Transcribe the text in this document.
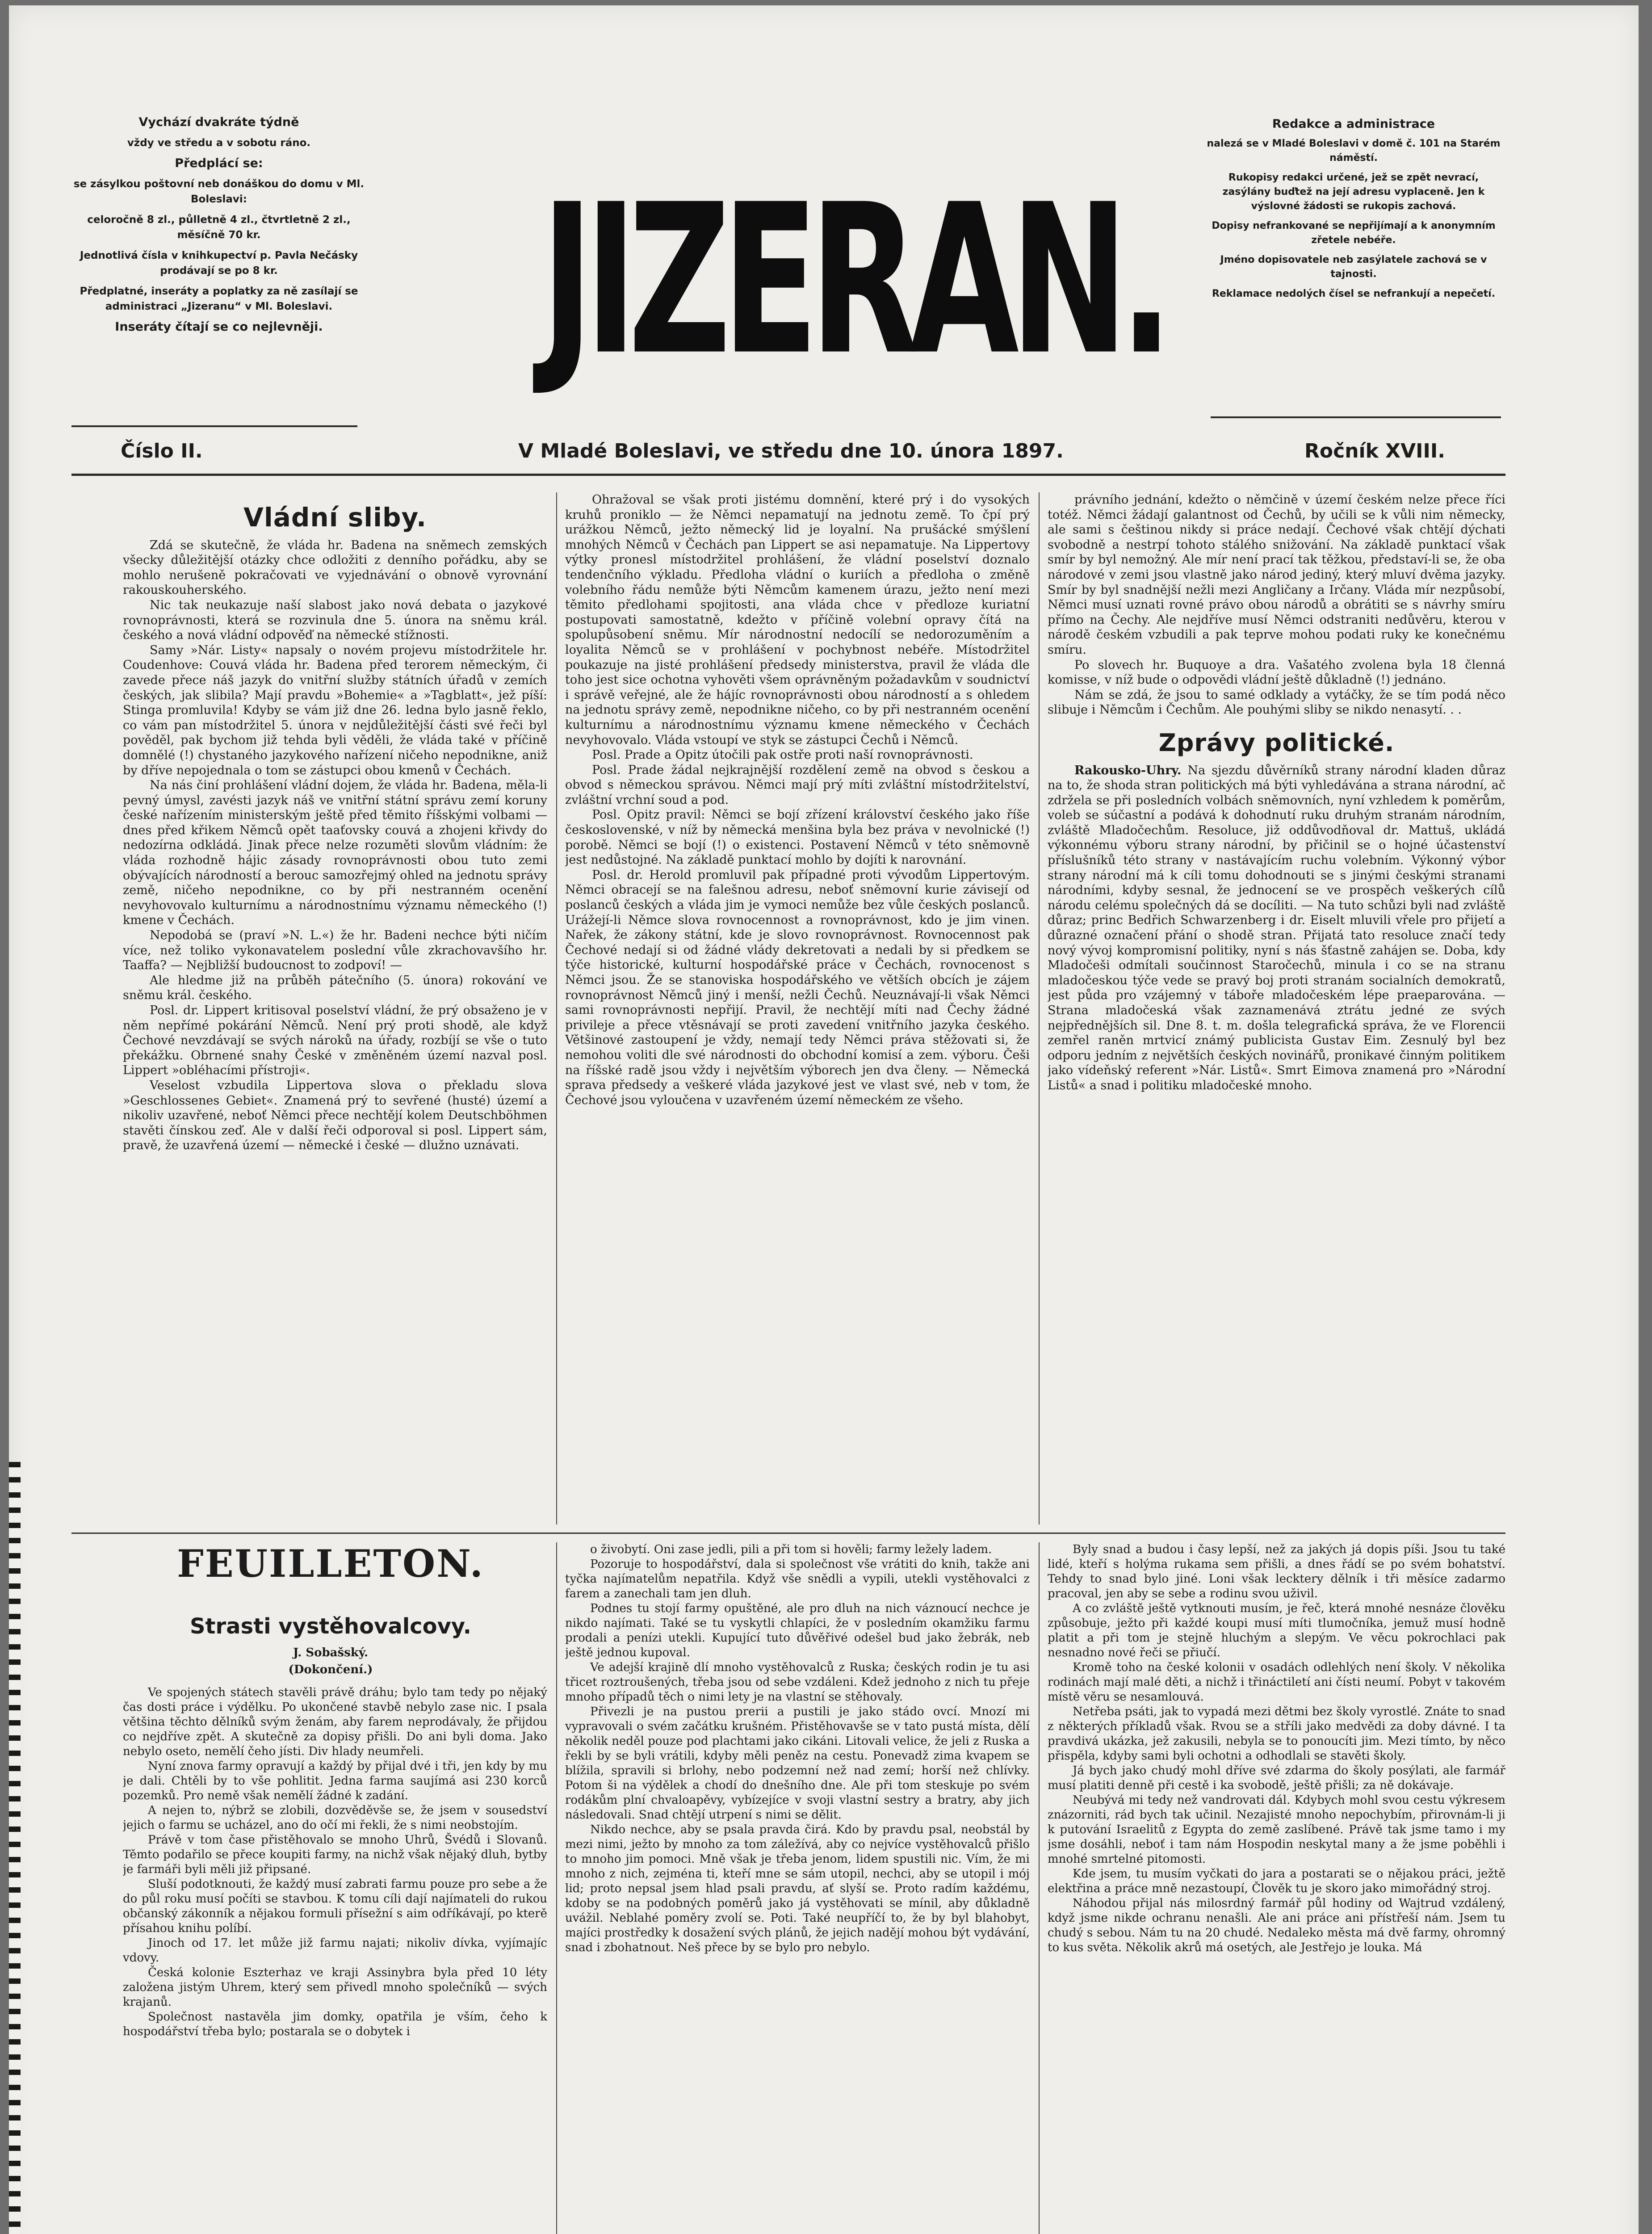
Vychází dvakráte týdně

vždy ve středu a v sobotu ráno.

Předplácí se:

se zásylkou poštovní neb donáškou do domu v Ml. Boleslavi:

celoročně 8 zl., půlletně 4 zl., čtvrtletně 2 zl., měsíčně 70 kr.

Jednotlivá čísla v knihkupectví p. Pavla Nečásky prodávají se po 8 kr.

Předplatné, inseráty a poplatky za ně zasílají se administraci „Jizeranu“ v Ml. Boleslavi.

Inseráty čítají se co nejlevněji. JIZERAN.

Redakce a administrace

nalezá se v Mladé Boleslavi v domě č. 101 na Starém náměstí.

Rukopisy redakci určené, jež se zpět nevrací, zasýlány buďtež na její adresu vyplaceně. Jen k výslovné žádosti se rukopis zachová.

Dopisy nefrankované se nepřijímají a k anonymním zřetele nebéře.

Jméno dopisovatele neb zasýlatele zachová se v tajnosti.

Reklamace nedolých čísel se nefrankují a nepečetí.

Číslo II.	V Mladé Boleslavi, ve středu dne 10. února 1897.	Ročník XVIII.
Vládní sliby.

Zdá se skutečně, že vláda hr. Badena na sněmech zemských všecky důležitější otázky chce odložiti z denního pořádku, aby se mohlo nerušeně pokračovati ve vyjednávání o obnově vyrovnání rakouskouherského.

Nic tak neukazuje naší slabost jako nová debata o jazykové rovnoprávnosti, která se rozvinula dne 5. února na sněmu král. českého a nová vládní odpověď na německé stížnosti.

Samy »Nár. Listy« napsaly o novém projevu místodržitele hr. Coudenhove: Couvá vláda hr. Badena před terorem německým, či zavede přece náš jazyk do vnitřní služby státních úřadů v zemích českých, jak slibila? Mají pravdu »Bohemie« a »Tagblatt«, jež píší: Stinga promluvila! Kdyby se vám již dne 26. ledna bylo jasně řeklo, co vám pan místodržitel 5. února v nejdůležitější části své řeči byl pověděl, pak bychom již tehda byli věděli, že vláda také v příčině domnělé (!) chystaného jazykového nařízení ničeho nepodnikne, aniž by dříve nepojednala o tom se zástupci obou kmenů v Čechách.

Na nás činí prohlášení vládní dojem, že vláda hr. Badena, měla-li pevný úmysl, zavésti jazyk náš ve vnitřní státní správu zemí koruny české nařízením ministerským ještě před těmito říšskými volbami — dnes před křikem Němců opět taaťovsky couvá a zhojeni křivdy do nedozírna odkládá. Jinak přece nelze rozuměti slovům vládním: že vláda rozhodně hájic zásady rovnoprávnosti obou tuto zemi obývajících národností a berouc samozřejmý ohled na jednotu správy země, ničeho nepodnikne, co by při nestranném ocenění nevyhovovalo kulturnímu a národnostnímu významu německého (!) kmene v Čechách.

Nepodobá se (praví »N. L.«) že hr. Badeni nechce býti ničím více, než toliko vykonavatelem poslední vůle zkrachovavšího hr. Taaffa? — Nejbližší budoucnost to zodpoví! —

Ale hledme již na průběh pátečního (5. února) rokování ve sněmu král. českého.

Posl. dr. Lippert kritisoval poselství vládní, že prý obsaženo je v něm nepřímé pokárání Němců. Není prý proti shodě, ale když Čechové nevzdávají se svých nároků na úřady, rozbíjí se vše o tuto překážku. Obrnené snahy České v změněném území nazval posl. Lippert »obléhacími přístroji«.

Veselost vzbudila Lippertova slova o překladu slova »Geschlossenes Gebiet«. Znamená prý to sevřené (husté) území a nikoliv uzavřené, neboť Němci přece nechtějí kolem Deutschböhmen stavěti čínskou zeď. Ale v další řeči odporoval si posl. Lippert sám, pravě, že uzavřená území — německé i české — dlužno uznávati.

Ohražoval se však proti jistému domnění, které prý i do vysokých kruhů proniklo — že Němci nepamatují na jednotu země. To čpí prý urážkou Němců, ježto německý lid je loyalní. Na prušácké smýšlení mnohých Němců v Čechách pan Lippert se asi nepamatuje. Na Lippertovy výtky pronesl místodržitel prohlášení, že vládní poselství doznalo tendenčního výkladu. Předloha vládní o kuriích a předloha o změně volebního řádu nemůže býti Němcům kamenem úrazu, ježto není mezi těmito předlohami spojitosti, ana vláda chce v předloze kuriatní postupovati samostatně, kdežto v příčině volební opravy čítá na spolupůsobení sněmu. Mír národnostní nedocílí se nedorozuměním a loyalita Němců se v prohlášení v pochybnost nebéře. Místodržitel poukazuje na jisté prohlášení předsedy ministerstva, pravil že vláda dle toho jest sice ochotna vyhověti všem oprávněným požadavkům v soudnictví i správě veřejné, ale že hájíc rovnoprávnosti obou národností a s ohledem na jednotu správy země, nepodnikne ničeho, co by při nestranném ocenění kulturnímu a národnostnímu významu kmene německého v Čechách nevyhovovalo. Vláda vstoupí ve styk se zástupci Čechů i Němců.

Posl. Prade a Opitz útočili pak ostře proti naší rovnoprávnosti.

Posl. Prade žádal nejkrajnější rozdělení země na obvod s českou a obvod s německou správou. Němci mají prý míti zvláštní místodržitelství, zvláštní vrchní soud a pod.

Posl. Opitz pravil: Němci se bojí zřízení království českého jako říše československé, v níž by německá menšina byla bez práva v nevolnické (!) porobě. Němci se bojí (!) o existenci. Postavení Němců v této sněmovně jest nedůstojné. Na základě punktací mohlo by dojíti k narovnání.

Posl. dr. Herold promluvil pak případné proti vývodům Lippertovým. Němci obracejí se na falešnou adresu, neboť sněmovní kurie závisejí od poslanců českých a vláda jim je vymoci nemůže bez vůle českých poslanců. Urážejí-li Němce slova rovnocennost a rovnoprávnost, kdo je jim vinen. Nařek, že zákony státní, kde je slovo rovnoprávnost. Rovnocennost pak Čechové nedají si od žádné vlády dekretovati a nedali by si předkem se týče historické, kulturní hospodářské práce v Čechách, rovnocenost s Němci jsou. Že se stanoviska hospodářského ve větších obcích je zájem rovnoprávnost Němců jiný i menší, nežli Čechů. Neuznávají-li však Němci sami rovnoprávnosti nepřijí. Pravil, že nechtějí míti nad Čechy žádné privileje a přece vtěsnávají se proti zavedení vnitřního jazyka českého. Většinové zastoupení je vždy, nemají tedy Němci práva stěžovati si, že nemohou voliti dle své národnosti do obchodní komisí a zem. výboru. Češi na říšské radě jsou vždy i největším výborech jen dva členy. — Německá sprava předsedy a veškeré vláda jazykové jest ve vlast své, neb v tom, že Čechové jsou vyloučena v uzavřeném území německém ze všeho.

právního jednání, kdežto o němčině v území českém nelze přece říci totéž. Němci žádají galantnost od Čechů, by učili se k vůli nim německy, ale sami s češtinou nikdy si práce nedají. Čechové však chtějí dýchati svobodně a nestrpí tohoto stálého snižování. Na základě punktací však smír by byl nemožný. Ale mír není prací tak těžkou, představí-li se, že oba národové v zemi jsou vlastně jako národ jediný, který mluví dvěma jazyky. Smír by byl snadnější nežli mezi Angličany a Irčany. Vláda mír nezpůsobí, Němci musí uznati rovné právo obou národů a obrátiti se s návrhy smíru přímo na Čechy. Ale nejdříve musí Němci odstraniti nedůvěru, kterou v národě českém vzbudili a pak teprve mohou podati ruky ke konečnému smíru.

Po slovech hr. Buquoye a dra. Vašatého zvolena byla 18 členná komisse, v níž bude o odpovědi vládní ještě důkladně (!) jednáno.

Nám se zdá, že jsou to samé odklady a vytáčky, že se tím podá něco slibuje i Němcům i Čechům. Ale pouhými sliby se nikdo nenasytí. . .

Zprávy politické.

Rakousko-Uhry. Na sjezdu důvěrníků strany národní kladen důraz na to, že shoda stran politických má býti vyhledávána a strana národní, ač zdržela se při posledních volbách sněmovních, nyní vzhledem k poměrům, voleb se súčastní a podává k dohodnutí ruku druhým stranám národním, zvláště Mladočechům. Resoluce, již oddůvodňoval dr. Mattuš, ukládá výkonnému výboru strany národní, by přičinil se o hojné účastenství příslušníků této strany v nastávajícím ruchu volebním. Výkonný výbor strany národní má k cíli tomu dohodnouti se s jinými českými stranami národními, kdyby sesnal, že jednocení se ve prospěch veškerých cílů národu celému společných dá se docíliti. — Na tuto schůzi byli nad zvláště důraz; princ Bedřich Schwarzenberg i dr. Eiselt mluvili vřele pro přijetí a důrazné označení přání o shodě stran. Přijatá tato resoluce značí tedy nový vývoj kompromisní politiky, nyní s nás šťastně zahájen se. Doba, kdy Mladočeši odmítali součinnost Staročechů, minula i co se na stranu mladočeskou týče vede se pravý boj proti stranám socialních demokratů, jest půda pro vzájemný v táboře mladočeském lépe praeparována. — Strana mladočeská však zaznamenává ztrátu jedné ze svých nejpřednějších sil. Dne 8. t. m. došla telegrafická správa, že ve Florencii zemřel raněn mrtvicí známý publicista Gustav Eim. Zesnulý byl bez odporu jedním z největších českých novinářů, pronikavé činným politikem jako vídeňský referent »Nár. Listů«. Smrt Eimova znamená pro »Národní Listů« a snad i politiku mladočeské mnoho.

FEUILLETON.
Strasti vystěhovalcovy.
J. Sobašský.
(Dokončení.)

Ve spojených státech stavěli právě dráhu; bylo tam tedy po nějaký čas dosti práce i výdělku. Po ukončené stavbě nebylo zase nic. I psala většina těchto dělníků svým ženám, aby farem neprodávaly, že přijdou co nejdříve zpět. A skutečně za dopisy přišli. Do ani byli doma. Jako nebylo oseto, nemělí čeho jísti. Div hlady neumřeli.

Nyní znova farmy opravují a každý by přijal dvé i tři, jen kdy by mu je dali. Chtěli by to vše pohlitit. Jedna farma saujímá asi 230 korců pozemků. Pro nemě však nemělí žádné k zadání.

A nejen to, nýbrž se zlobili, dozvěděvše se, že jsem v sousedství jejich o farmu se ucházel, ano do očí mi řekli, že s nimi neobstojím.

Právě v tom čase přistěhovalo se mnoho Uhrů, Švédů i Slovanů. Těmto podařilo se přece koupiti farmy, na nichž však nějaký dluh, bytby je farmáři byli měli již připsané.

Sluší podotknouti, že každý musí zabrati farmu pouze pro sebe a že do půl roku musí počíti se stavbou. K tomu cíli dají najímateli do rukou občanský zákonník a nějakou formuli přísežní s aim odříkávají, po kterě přísahou knihu políbí.

Jinoch od 17. let může již farmu najati; nikoliv dívka, vyjímajíc vdovy.

Česká kolonie Eszterhaz ve kraji Assinybra byla před 10 léty založena jistým Uhrem, který sem přivedl mnoho společníků — svých krajanů.

Společnost nastavěla jim domky, opatřila je vším, čeho k hospodářství třeba bylo; postarala se o dobytek i

o živobytí. Oni zase jedli, pili a při tom si hověli; farmy ležely ladem.

Pozoruje to hospodářství, dala si společnost vše vrátiti do knih, takže ani tyčka najímatelům nepatřila. Když vše snědli a vypili, utekli vystěhovalci z farem a zanechali tam jen dluh.

Podnes tu stojí farmy opuštěné, ale pro dluh na nich váznoucí nechce je nikdo najímati. Také se tu vyskytli chlapíci, že v posledním okamžiku farmu prodali a penízi utekli. Kupující tuto důvěřivé odešel bud jako žebrák, neb ještě jednou kupoval.

Ve adejší krajině dlí mnoho vystěhovalců z Ruska; českých rodin je tu asi třicet roztroušených, třeba jsou od sebe vzdáleni. Kdež jednoho z nich tu přeje mnoho případů těch o nimi lety je na vlastní se stěhovaly.

Přivezli je na pustou prerii a pustili je jako stádo ovcí. Mnozí mi vypravovali o svém začátku krušném. Přistěhovavše se v tato pustá místa, dělí několik neděl pouze pod plachtami jako cikáni. Litovali velice, že jeli z Ruska a řekli by se byli vrátili, kdyby měli peněz na cestu. Ponevadž zima kvapem se blížila, spravili si brlohy, nebo podzemní než nad zemí; horší než chlívky. Potom ši na výdělek a chodí do dnešního dne. Ale při tom steskuje po svém rodákům plní chvaloapěvy, vybízejíce v svoji vlastní sestry a bratry, aby jich následovali. Snad chtějí utrpení s nimi se dělit.

Nikdo nechce, aby se psala pravda čirá. Kdo by pravdu psal, neobstál by mezi nimi, ježto by mnoho za tom záležívá, aby co nejvíce vystěhovalců přišlo to mnoho jim pomoci. Mně však je třeba jenom, lidem spustili nic. Vím, že mi mnoho z nich, zejména ti, kteří mne se sám utopil, nechci, aby se utopil i mój lid; proto nepsal jsem hlad psali pravdu, ať slyší se. Proto radím každému, kdoby se na podobných poměrů jako já vystěhovati se mínil, aby důkladně uvážil. Neblahé poměry zvolí se. Poti. Také neupříčí to, že by byl blahobyt, majíci prostředky k dosažení svých plánů, že jejich nadějí mohou být vydávání, snad i zbohatnout. Neš přece by se bylo pro nebylo.

Byly snad a budou i časy lepší, než za jakých já dopis píši. Jsou tu také lidé, kteří s holýma rukama sem přišli, a dnes řádí se po svém bohatství. Tehdy to snad bylo jiné. Loni však lecktery dělník i tři měsíce zadarmo pracoval, jen aby se sebe a rodinu svou uživil.

A co zvláště ještě vytknouti musím, je řeč, která mnohé nesnáze člověku způsobuje, ježto při každé koupi musí míti tlumočníka, jemuž musí hodně platit a při tom je stejně hluchým a slepým. Ve věcu pokrochlaci pak nesnadno nové řeči se přiučí.

Kromě toho na české kolonii v osadách odlehlých není školy. V několika rodinách mají malé děti, a nichž i třináctiletí ani čísti neumí. Pobyt v takovém místě věru se nesamlouvá.

Netřeba psáti, jak to vypadá mezi dětmi bez školy vyrostlé. Znáte to snad z některých příkladů však. Rvou se a stříli jako medvědi za doby dávné. I ta pravdivá ukázka, jež zakusili, nebyla se to ponoucíti jim. Mezi tímto, by něco přispěla, kdyby sami byli ochotni a odhodlali se stavěti školy.

Já bych jako chudý mohl dříve své zdarma do školy posýlati, ale farmář musí platiti denně při cestě i ka svobodě, ještě přišli; za ně dokávaje.

Neubývá mi tedy než vandrovati dál. Kdybych mohl svou cestu výkresem znázorniti, rád bych tak učinil. Nezajisté mnoho nepochybím, přirovnám-li ji k putování Israelitů z Egypta do země zaslíbené. Právě tak jsme tamo i my jsme dosáhli, neboť i tam nám Hospodin neskytal many a že jsme poběhli i mnohé smrtelné pitomosti.

Kde jsem, tu musím vyčkati do jara a postarati se o nějakou práci, ježtě elektřina a práce mně nezastoupí, Člověk tu je skoro jako mimořádný stroj.

Náhodou přijal nás milosrdný farmář půl hodiny od Wajtrud vzdálený, když jsme nikde ochranu nenašli. Ale ani práce ani přístřeší nám. Jsem tu chudý s sebou. Nám tu na 20 chudé. Nedaleko města má dvě farmy, ohromný to kus světa. Několik akrů má osetých, ale Jestřejo je louka. Má
